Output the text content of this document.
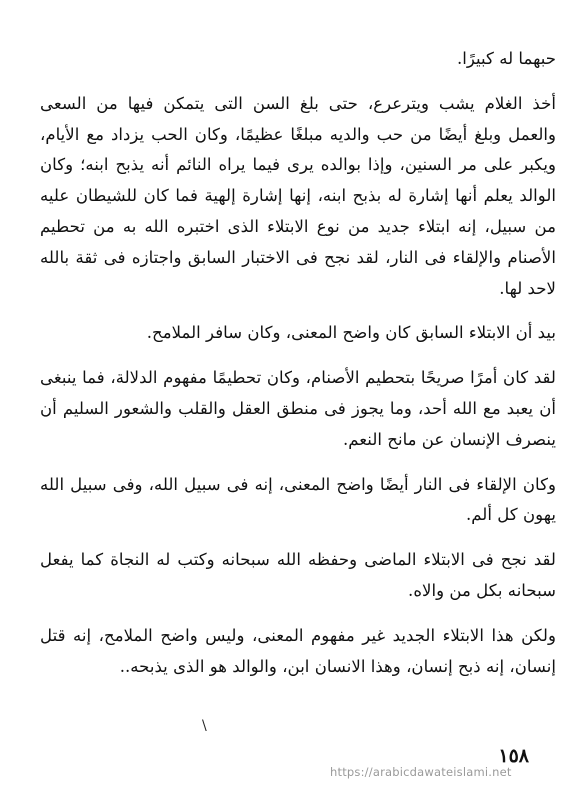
حبهما له كبيرًا.

أخذ الغلام يشب ويترعرع، حتى بلغ السن التى يتمكن فيها من السعى والعمل وبلغ أيضًا من حب والديه مبلغًا عظيمًا، وكان الحب يزداد مع الأيام، ويكبر على مر السنين، وإذا بوالده يرى فيما يراه النائم أنه يذبح ابنه؛ وكان الوالد يعلم أنها إشارة له بذبح ابنه، إنها إشارة إلهية فما كان للشيطان عليه من سبيل، إنه ابتلاء جديد من نوع الابتلاء الذى اختبره الله به من تحطيم الأصنام والإلقاء فى النار، لقد نجح فى الاختبار السابق واجتازه فى ثقة بالله لاحد لها.

بيد أن الابتلاء السابق كان واضح المعنى، وكان سافر الملامح.

لقد كان أمرًا صريحًا بتحطيم الأصنام، وكان تحطيمًا مفهوم الدلالة، فما ينبغى أن يعبد مع الله أحد، وما يجوز فى منطق العقل والقلب والشعور السليم أن ينصرف الإنسان عن مانح النعم.

وكان الإلقاء فى النار أيضًا واضح المعنى، إنه فى سبيل الله، وفى سبيل الله يهون كل ألم.

لقد نجح فى الابتلاء الماضى وحفظه الله سبحانه وكتب له النجاة كما يفعل سبحانه بكل من والاه.

ولكن هذا الابتلاء الجديد غير مفهوم المعنى، وليس واضح الملامح، إنه قتل إنسان، إنه ذبح إنسان، وهذا الانسان ابن، والوالد هو الذى يذبحه..

\
١٥٨
https://arabicdawateislami.net
